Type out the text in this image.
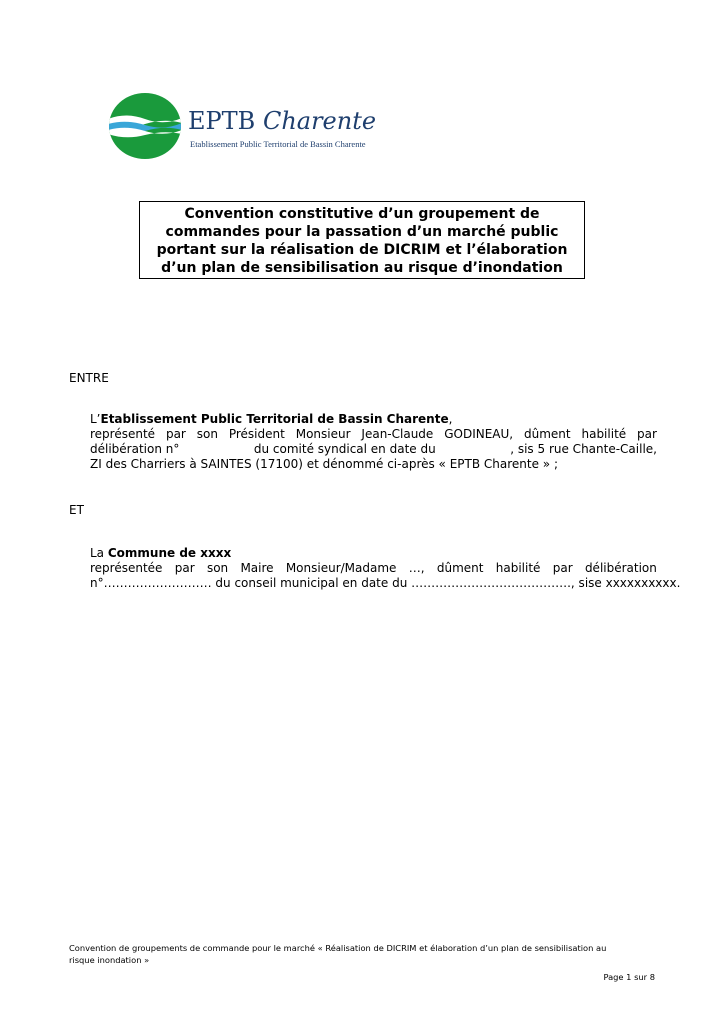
EPTB Charente
Etablissement Public Territorial de Bassin Charente
Convention constitutive d’un groupement de
commandes pour la passation d’un marché public
portant sur la réalisation de DICRIM et l’élaboration
d’un plan de sensibilisation au risque d’inondation
ENTRE
L’ Etablissement Public Territorial de Bassin Charente ,
représenté par son Président Monsieur Jean-Claude GODINEAU, dûment habilité par
délibération n°	du comité syndical en date du	, sis 5 rue Chante-Caille,
ZI des Charriers à SAINTES (17100) et dénommé ci-après « EPTB Charente » ;
ET
La
Commune de xxxx
représentée par son Maire Monsieur/Madame …, dûment habilité par délibération
n°……………………… du conseil municipal en date du …………………………………., sise xxxxxxxxxx.
Convention de groupements de commande pour le marché « Réalisation de DICRIM et élaboration d’un plan de sensibilisation au
risque inondation »
Page 1 sur 8
